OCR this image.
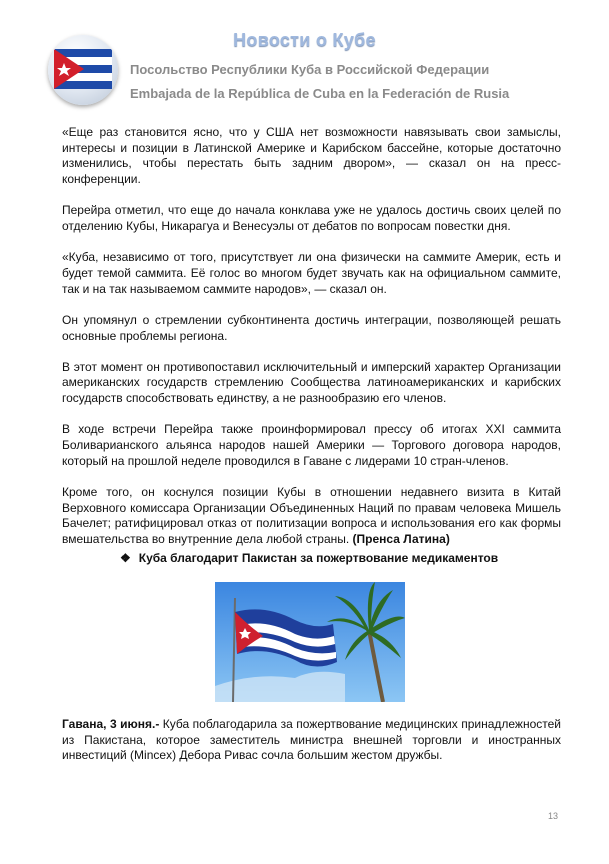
Новости о Кубе
Посольство Республики Куба в Российской Федерации
Embajada de la República de Cuba en la Federación de Rusia

«Еще раз становится ясно, что у США нет возможности навязывать свои замыслы, интересы и позиции в Латинской Америке и Карибском бассейне, которые достаточно изменились, чтобы перестать быть задним двором», — сказал он на пресс-конференции.

Перейра отметил, что еще до начала конклава уже не удалось достичь своих целей по отделению Кубы, Никарагуа и Венесуэлы от дебатов по вопросам повестки дня.

«Куба, независимо от того, присутствует ли она физически на саммите Америк, есть и будет темой саммита. Её голос во многом будет звучать как на официальном саммите, так и на так называемом саммите народов», — сказал он.

Он упомянул о стремлении субконтинента достичь интеграции, позволяющей решать основные проблемы региона.

В этот момент он противопоставил исключительный и имперский характер Организации американских государств стремлению Сообщества латиноамериканских и карибских государств способствовать единству, а не разнообразию его членов.

В ходе встречи Перейра также проинформировал прессу об итогах XXI саммита Боливарианского альянса народов нашей Америки — Торгового договора народов, который на прошлой неделе проводился в Гаване с лидерами 10 стран-членов.

Кроме того, он коснулся позиции Кубы в отношении недавнего визита в Китай Верховного комиссара Организации Объединенных Наций по правам человека Мишель Бачелет; ратифицировал отказ от политизации вопроса и использования его как формы вмешательства во внутренние дела любой страны. (Пренса Латина)

❖ Куба благодарит Пакистан за пожертвование медикаментов

Гавана, 3 июня.- Куба поблагодарила за пожертвование медицинских принадлежностей из Пакистана, которое заместитель министра внешней торговли и иностранных инвестиций (Mincex) Дебора Ривас сочла большим жестом дружбы.

13
